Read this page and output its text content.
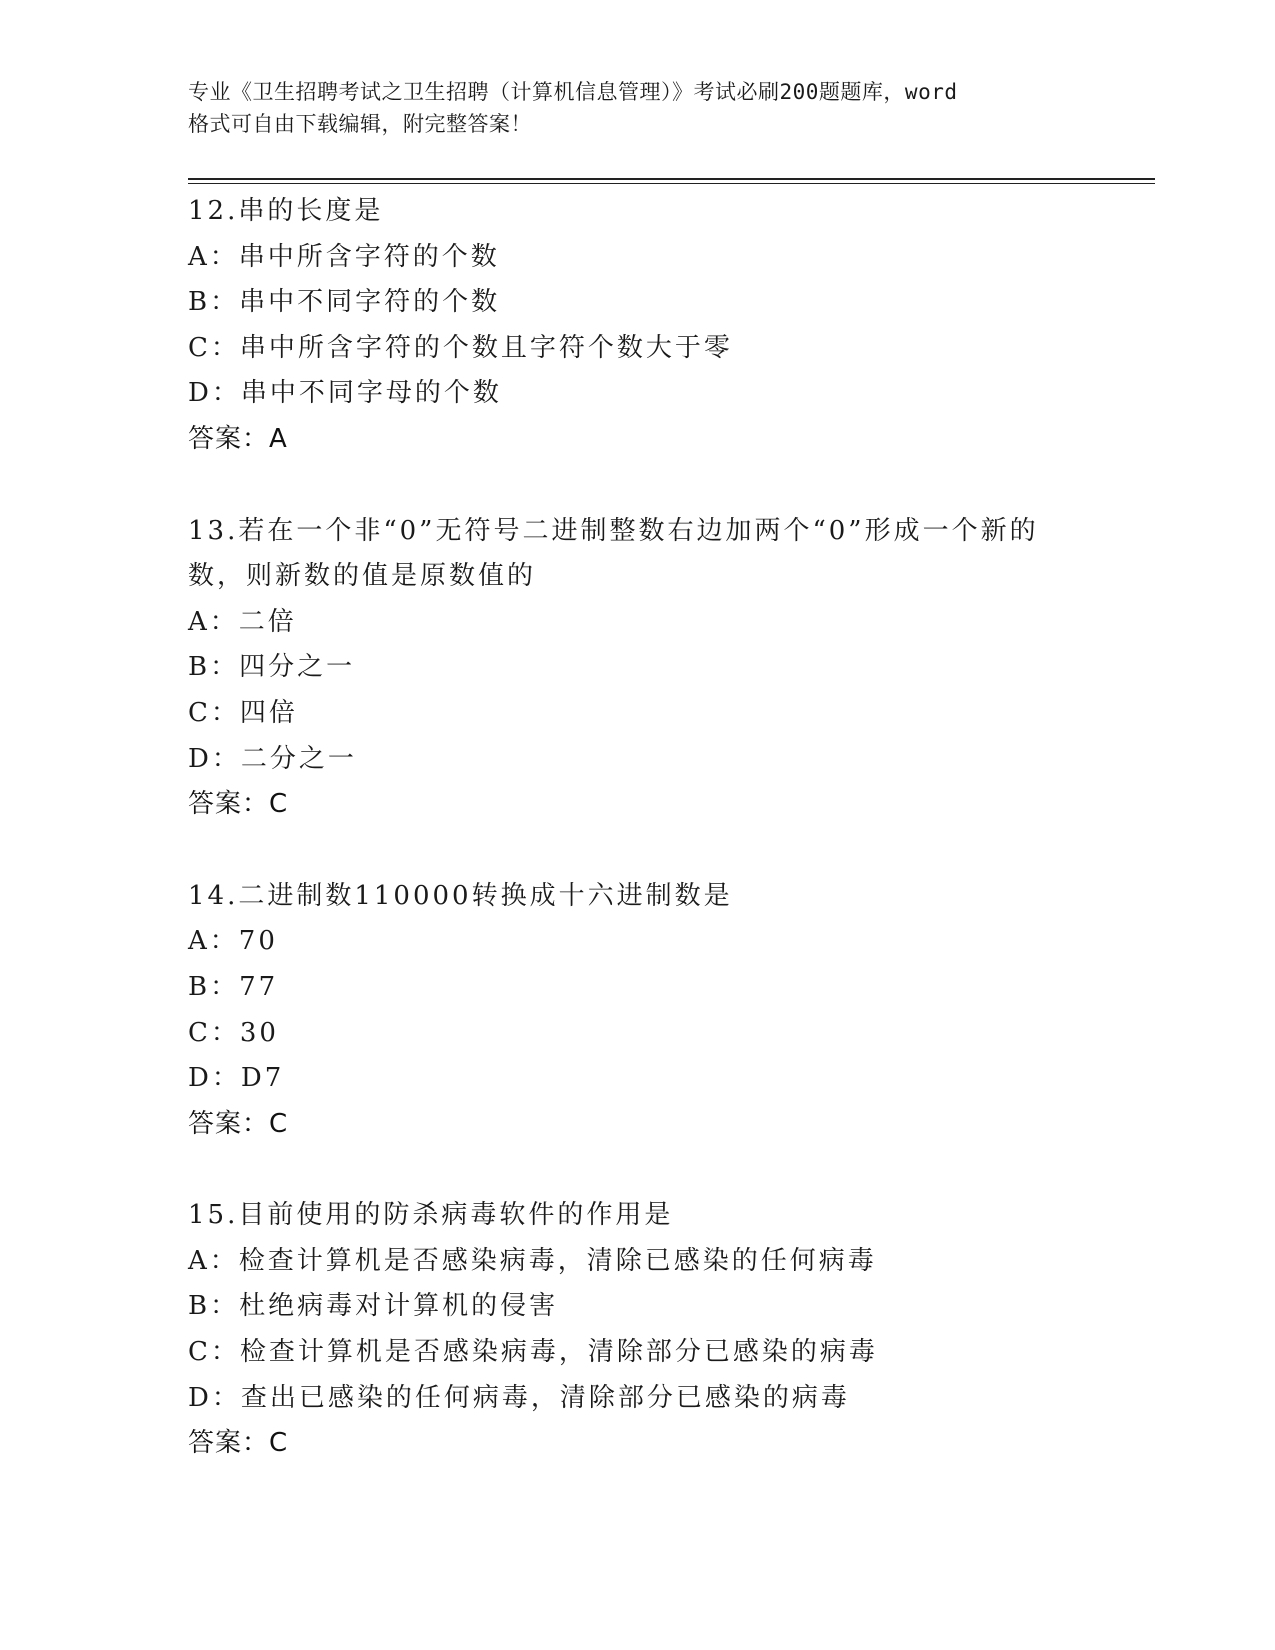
专业《卫生招聘考试之卫生招聘（计算机信息管理）》考试必刷200题题库，word
格式可自由下载编辑，附完整答案！
12.串的长度是
A：串中所含字符的个数
B：串中不同字符的个数
C：串中所含字符的个数且字符个数大于零
D：串中不同字母的个数
答案：A
13.若在一个非“0”无符号二进制整数右边加两个“0”形成一个新的数，则新数的值是原数值的
A：二倍
B：四分之一
C：四倍
D：二分之一
答案：C
14.二进制数110000转换成十六进制数是
A：70
B：77
C：30
D：D7
答案：C
15.目前使用的防杀病毒软件的作用是
A：检查计算机是否感染病毒，清除已感染的任何病毒
B：杜绝病毒对计算机的侵害
C：检查计算机是否感染病毒，清除部分已感染的病毒
D：查出已感染的任何病毒，清除部分已感染的病毒
答案：C
